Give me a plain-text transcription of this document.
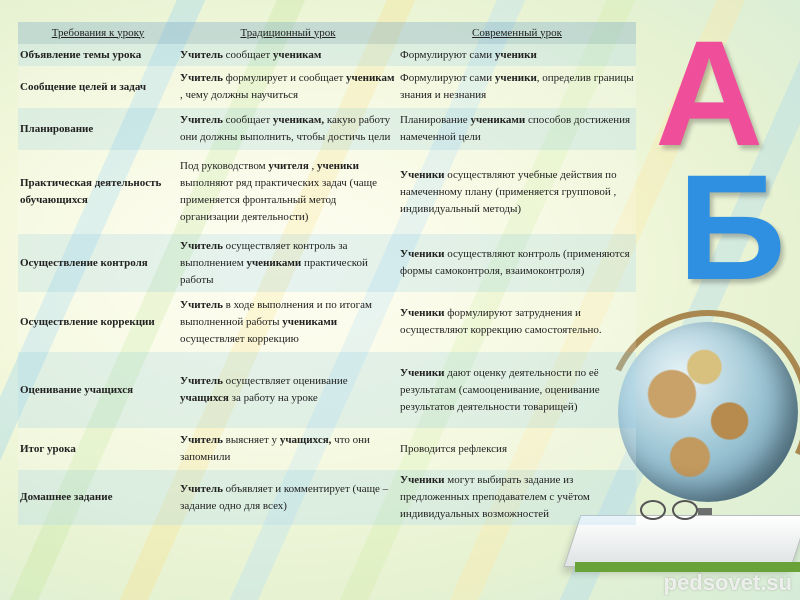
А
Б
Требования к уроку	Традиционный урок	Современный урок
Объявление темы урока	Учитель сообщает ученикам	Формулируют сами ученики
Сообщение целей и задач	Учитель формулирует и сообщает ученикам , чему должны научиться	Формулируют сами ученики, определив границы знания и незнания
Планирование	Учитель сообщает ученикам, какую работу они должны выполнить, чтобы достичь цели	Планирование учениками способов достижения намеченной цели
Практическая деятельность обучающихся	Под руководством учителя , ученики выполняют ряд практических задач (чаще применяется фронтальный метод организации деятельности)	Ученики осуществляют учебные действия по намеченному плану (применяется групповой , индивидуальный методы)
Осуществление контроля	Учитель осуществляет контроль за выполнением учениками практической работы	Ученики осуществляют контроль (применяются формы самоконтроля, взаимоконтроля)
Осуществление коррекции	Учитель в ходе выполнения и по итогам выполненной работы учениками осуществляет коррекцию	Ученики формулируют затруднения и осуществляют коррекцию самостоятельно.
Оценивание учащихся	Учитель осуществляет оценивание учащихся за работу на уроке	Ученики дают оценку деятельности по её результатам (самооценивание, оценивание результатов деятельности товарищей)
Итог урока	Учитель выясняет у учащихся, что они запомнили	Проводится рефлексия
Домашнее задание	Учитель объявляет и комментирует (чаще – задание одно для всех)	Ученики могут выбирать задание из предложенных преподавателем с учётом индивидуальных возможностей
pedsovet.su
